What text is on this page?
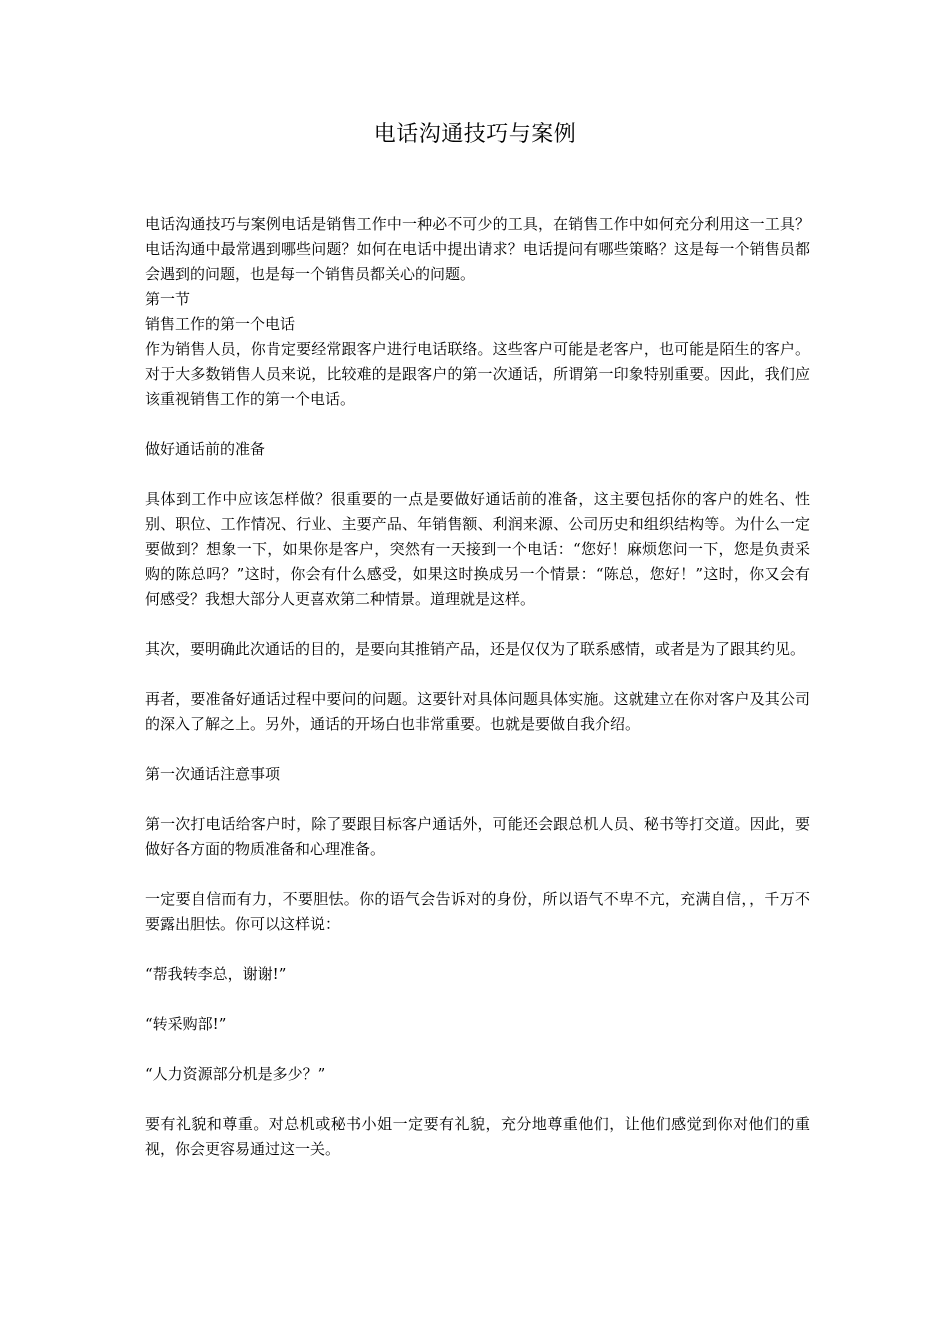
电话沟通技巧与案例

电话沟通技巧与案例电话是销售工作中一种必不可少的工具，在销售工作中如何充分利用这一工具？电话沟通中最常遇到哪些问题？如何在电话中提出请求？电话提问有哪些策略？这是每一个销售员都会遇到的问题，也是每一个销售员都关心的问题。

第一节

销售工作的第一个电话

作为销售人员，你肯定要经常跟客户进行电话联络。这些客户可能是老客户，也可能是陌生的客户。对于大多数销售人员来说，比较难的是跟客户的第一次通话，所谓第一印象特别重要。因此，我们应该重视销售工作的第一个电话。

做好通话前的准备

具体到工作中应该怎样做？很重要的一点是要做好通话前的准备，这主要包括你的客户的姓名、性别、职位、工作情况、行业、主要产品、年销售额、利润来源、公司历史和组织结构等。为什么一定要做到？想象一下，如果你是客户，突然有一天接到一个电话：“您好！麻烦您问一下，您是负责采购的陈总吗？”这时，你会有什么感受，如果这时换成另一个情景：“陈总，您好！”这时，你又会有何感受？我想大部分人更喜欢第二种情景。道理就是这样。

其次，要明确此次通话的目的，是要向其推销产品，还是仅仅为了联系感情，或者是为了跟其约见。

再者，要准备好通话过程中要问的问题。这要针对具体问题具体实施。这就建立在你对客户及其公司的深入了解之上。另外，通话的开场白也非常重要。也就是要做自我介绍。

第一次通话注意事项

第一次打电话给客户时，除了要跟目标客户通话外，可能还会跟总机人员、秘书等打交道。因此，要做好各方面的物质准备和心理准备。

一定要自信而有力，不要胆怯。你的语气会告诉对的身份，所以语气不卑不亢，充满自信，，千万不要露出胆怯。你可以这样说：

“帮我转李总，谢谢!”

“转采购部!”

“人力资源部分机是多少？”

要有礼貌和尊重。对总机或秘书小姐一定要有礼貌，充分地尊重他们，让他们感觉到你对他们的重视，你会更容易通过这一关。
